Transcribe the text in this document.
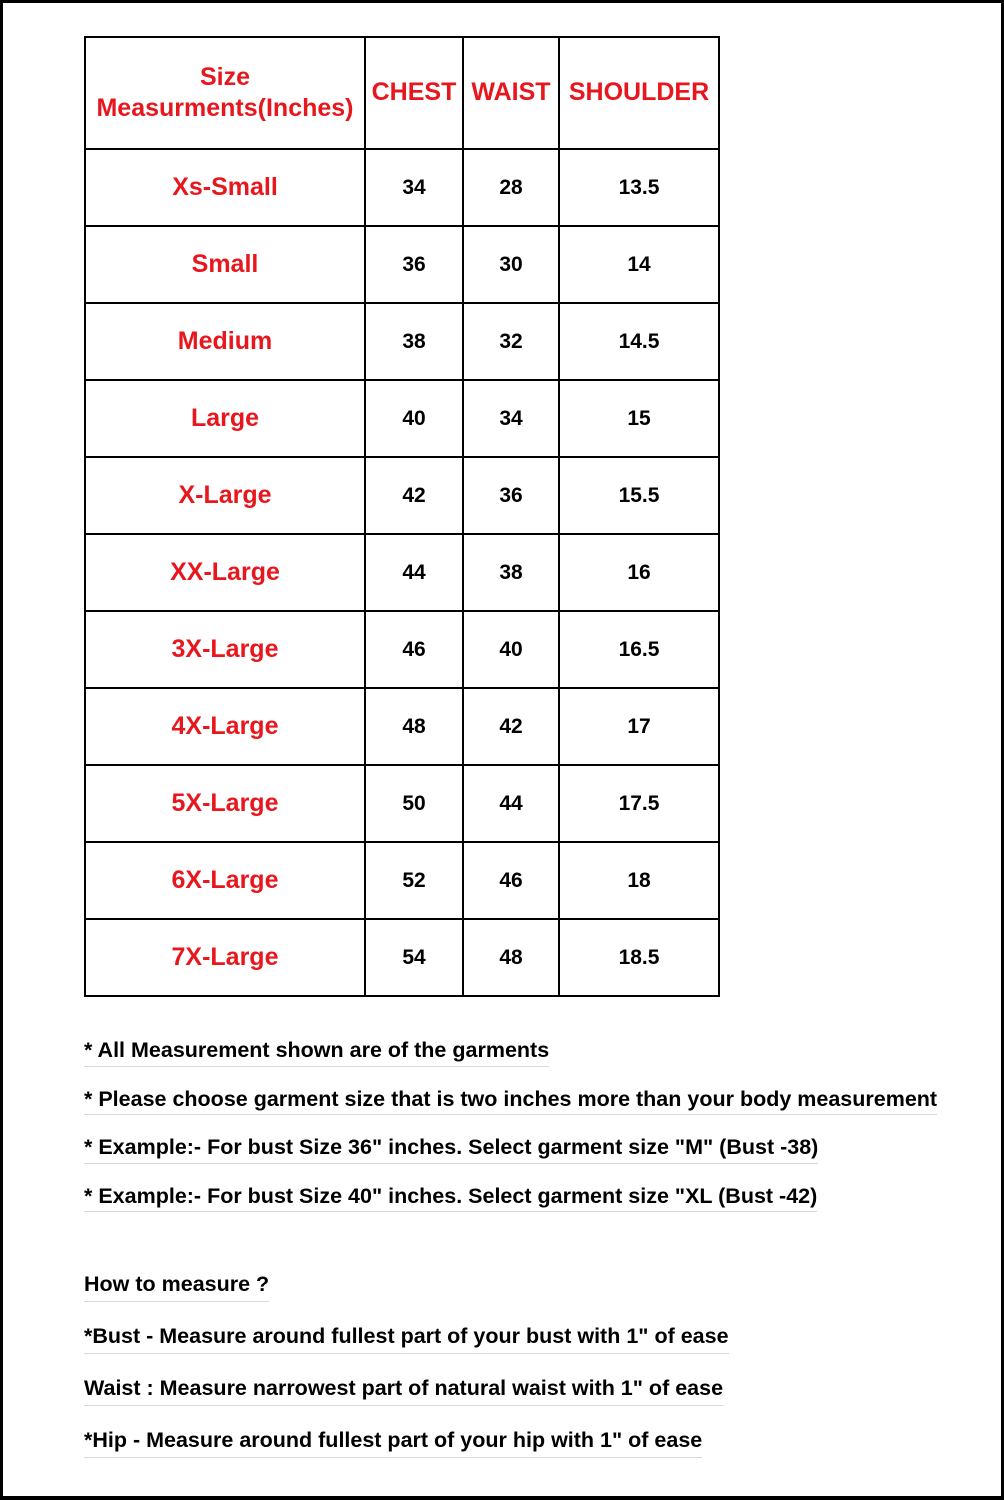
Size
Measurments(Inches)	CHEST	WAIST	SHOULDER
Xs-Small	34	28	13.5
Small	36	30	14
Medium	38	32	14.5
Large	40	34	15
X-Large	42	36	15.5
XX-Large	44	38	16
3X-Large	46	40	16.5
4X-Large	48	42	17
5X-Large	50	44	17.5
6X-Large	52	46	18
7X-Large	54	48	18.5
* All Measurement shown are of the garments
* Please choose garment size that is two inches more than your body measurement
* Example:- For bust Size 36" inches. Select garment size "M" (Bust -38)
* Example:- For bust Size 40" inches. Select garment size "XL (Bust -42)
How to measure ?
*Bust - Measure around fullest part of your bust with 1" of ease
Waist : Measure narrowest part of natural waist with 1" of ease
*Hip - Measure around fullest part of your hip with 1" of ease
